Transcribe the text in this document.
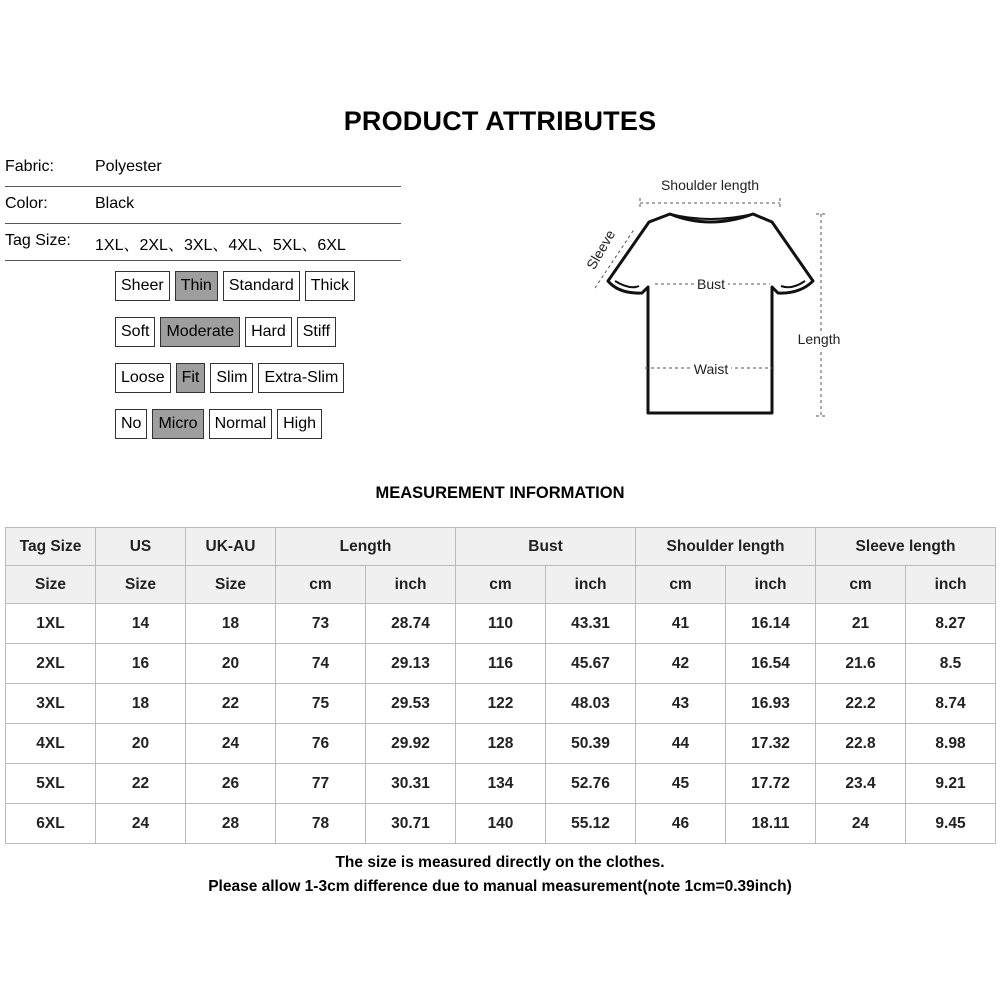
PRODUCT ATTRIBUTES
Fabric:	Polyester
Color:	Black
Tag Size: 1XL、2XL、3XL、4XL、5XL、6XL
Sheer	Thin	Standard	Thick
Soft	Moderate	Hard	Stiff
Loose	Fit	Slim	Extra-Slim
No	Micro	Normal	High
Shoulder length
Sleeve
Bust
Waist
Length
MEASUREMENT INFORMATION
Tag Size	US	UK-AU	Length		Bust		Shoulder length		Sleeve length	
Size	Size	Size	cm	inch	cm	inch	cm	inch	cm	inch
1XL	14	18	73	28.74	110	43.31	41	16.14	21	8.27
2XL	16	20	74	29.13	116	45.67	42	16.54	21.6	8.5
3XL	18	22	75	29.53	122	48.03	43	16.93	22.2	8.74
4XL	20	24	76	29.92	128	50.39	44	17.32	22.8	8.98
5XL	22	26	77	30.31	134	52.76	45	17.72	23.4	9.21
6XL	24	28	78	30.71	140	55.12	46	18.11	24	9.45
The size is measured directly on the clothes.
Please allow 1-3cm difference due to manual measurement(note 1cm=0.39inch)
